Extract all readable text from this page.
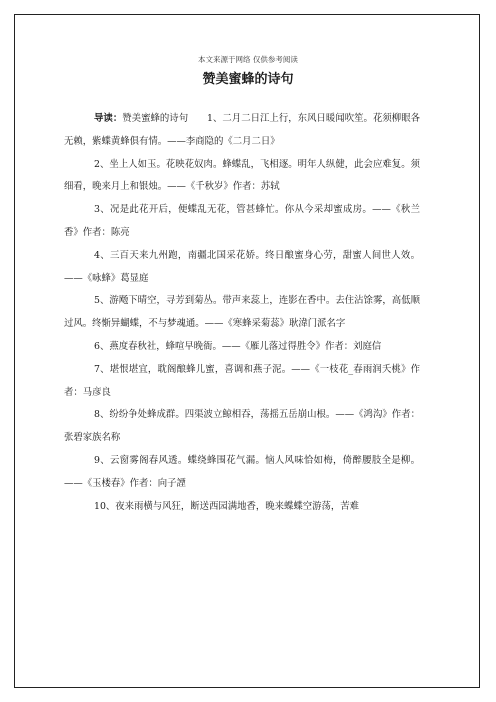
本文来源于网络 仅供参考阅读
赞美蜜蜂的诗句

导读：赞美蜜蜂的诗句　　1、二月二日江上行，东风日暖闻吹笙。花须柳眼各无赖，紫蝶黄蜂俱有情。——李商隐的《二月二日》

2、坐上人如玉。花映花奴肉。蜂蝶乱，飞相逐。明年人纵健，此会应难复。须细看，晚来月上和银烛。——《千秋岁》作者：苏轼

3、况是此花开后，便蝶乱无花，管甚蜂忙。你从今采却蜜成房。——《秋兰香》作者：陈亮

4、三百天来九州跑，南疆北国采花娇。终日酿蜜身心劳，甜蜜人间世人效。——《咏蜂》葛显庭

5、游飏下晴空，寻芳到菊丛。带声来蕊上，连影在香中。去住沾馀雾，高低顺过风。终惭异蝴蝶，不与梦魂通。——《寒蜂采菊蕊》耿湋门派名字

6、燕度春秋社，蜂喧早晚衙。——《雁儿落过得胜令》作者：刘庭信

7、堪恨堪宜，耽阁酿蜂儿蜜，喜调和燕子泥。——《一枝花_春雨润夭桃》作者：马彦良

8、纷纷争处蜂成群。四渠波立鲸相吞，荡摇五岳崩山根。——《鸿沟》作者：张碧家族名称

9、云窗雾阁春风透。蝶绕蜂围花气漏。恼人风味恰如梅，倚醉腰肢全是柳。——《玉楼春》作者：向子諲

10、夜来雨横与风狂，断送西园满地香，晚来蝶蝶空游荡，苦难
